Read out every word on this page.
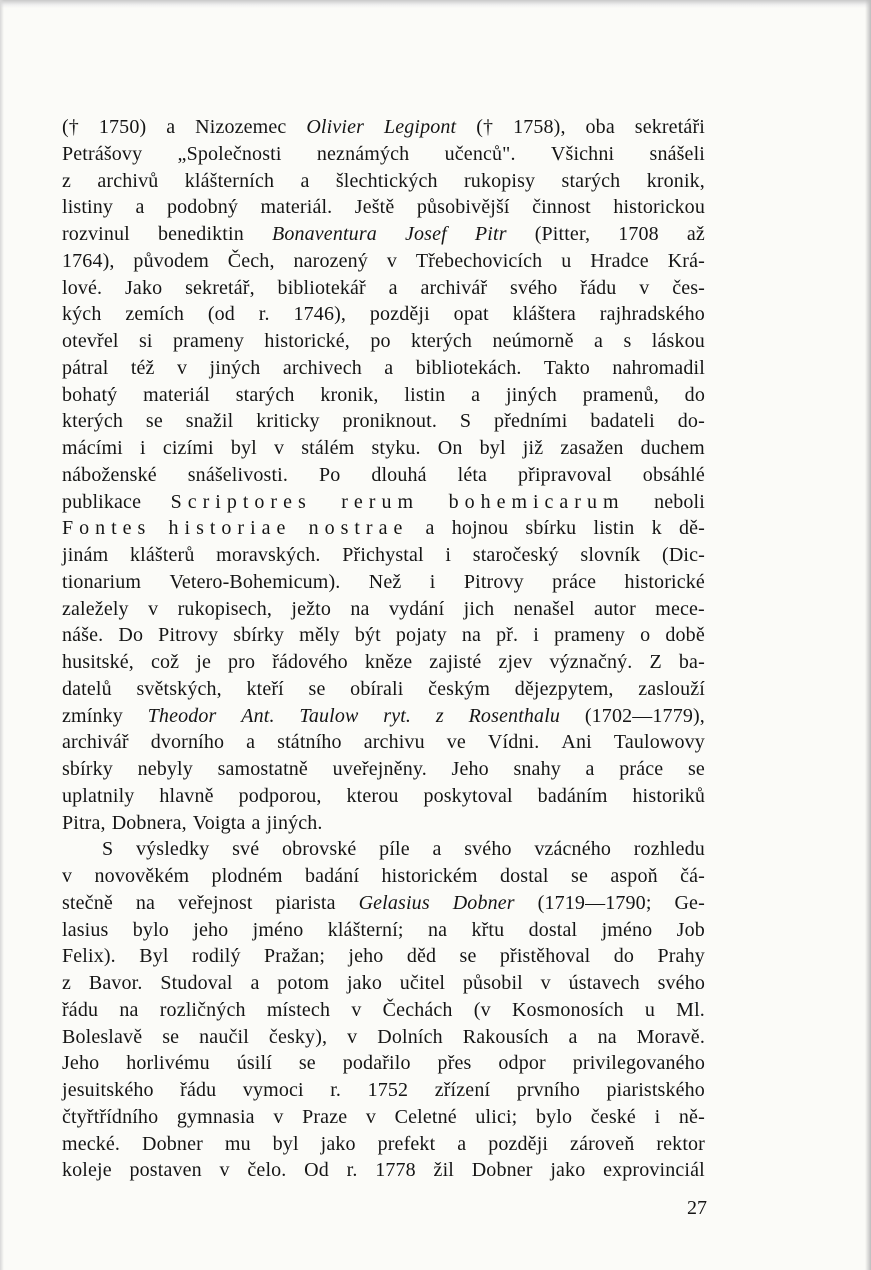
(† 1750) a Nizozemec Olivier Legipont († 1758), oba sekretáři
Petrášovy „Společnosti neznámých učenců". Všichni snášeli
z archivů klášterních a šlechtických rukopisy starých kronik,
listiny a podobný materiál. Ještě působivější činnost historickou
rozvinul benediktin Bonaventura Josef Pitr (Pitter, 1708 až
1764), původem Čech, narozený v Třebechovicích u Hradce Krá-
lové. Jako sekretář, bibliotekář a archivář svého řádu v čes-
kých zemích (od r. 1746), později opat kláštera rajhradského
otevřel si prameny historické, po kterých neúmorně a s láskou
pátral též v jiných archivech a bibliotekách. Takto nahromadil
bohatý materiál starých kronik, listin a jiných pramenů, do
kterých se snažil kriticky proniknout. S předními badateli do-
mácími i cizími byl v stálém styku. On byl již zasažen duchem
náboženské snášelivosti. Po dlouhá léta připravoval obsáhlé
publikace Scriptores rerum bohemicarum neboli
Fontes historiae nostrae a hojnou sbírku listin k dě-
jinám klášterů moravských. Přichystal i staročeský slovník (Dic-
tionarium Vetero-Bohemicum). Než i Pitrovy práce historické
zaležely v rukopisech, ježto na vydání jich nenašel autor mece-
náše. Do Pitrovy sbírky měly být pojaty na př. i prameny o době
husitské, což je pro řádového kněze zajisté zjev význačný. Z ba-
datelů světských, kteří se obírali českým dějezpytem, zaslouží
zmínky Theodor Ant. Taulow ryt. z Rosenthalu (1702—1779),
archivář dvorního a státního archivu ve Vídni. Ani Taulowovy
sbírky nebyly samostatně uveřejněny. Jeho snahy a práce se
uplatnily hlavně podporou, kterou poskytoval badáním historiků
Pitra, Dobnera, Voigta a jiných.
S výsledky své obrovské píle a svého vzácného rozhledu
v novověkém plodném badání historickém dostal se aspoň čá-
stečně na veřejnost piarista Gelasius Dobner (1719—1790; Ge-
lasius bylo jeho jméno klášterní; na křtu dostal jméno Job
Felix). Byl rodilý Pražan; jeho děd se přistěhoval do Prahy
z Bavor. Studoval a potom jako učitel působil v ústavech svého
řádu na rozličných místech v Čechách (v Kosmonosích u Ml.
Boleslavě se naučil česky), v Dolních Rakousích a na Moravě.
Jeho horlivému úsilí se podařilo přes odpor privilegovaného
jesuitského řádu vymoci r. 1752 zřízení prvního piaristského
čtyřtřídního gymnasia v Praze v Celetné ulici; bylo české i ně-
mecké. Dobner mu byl jako prefekt a později zároveň rektor
koleje postaven v čelo. Od r. 1778 žil Dobner jako exprovinciál
27
